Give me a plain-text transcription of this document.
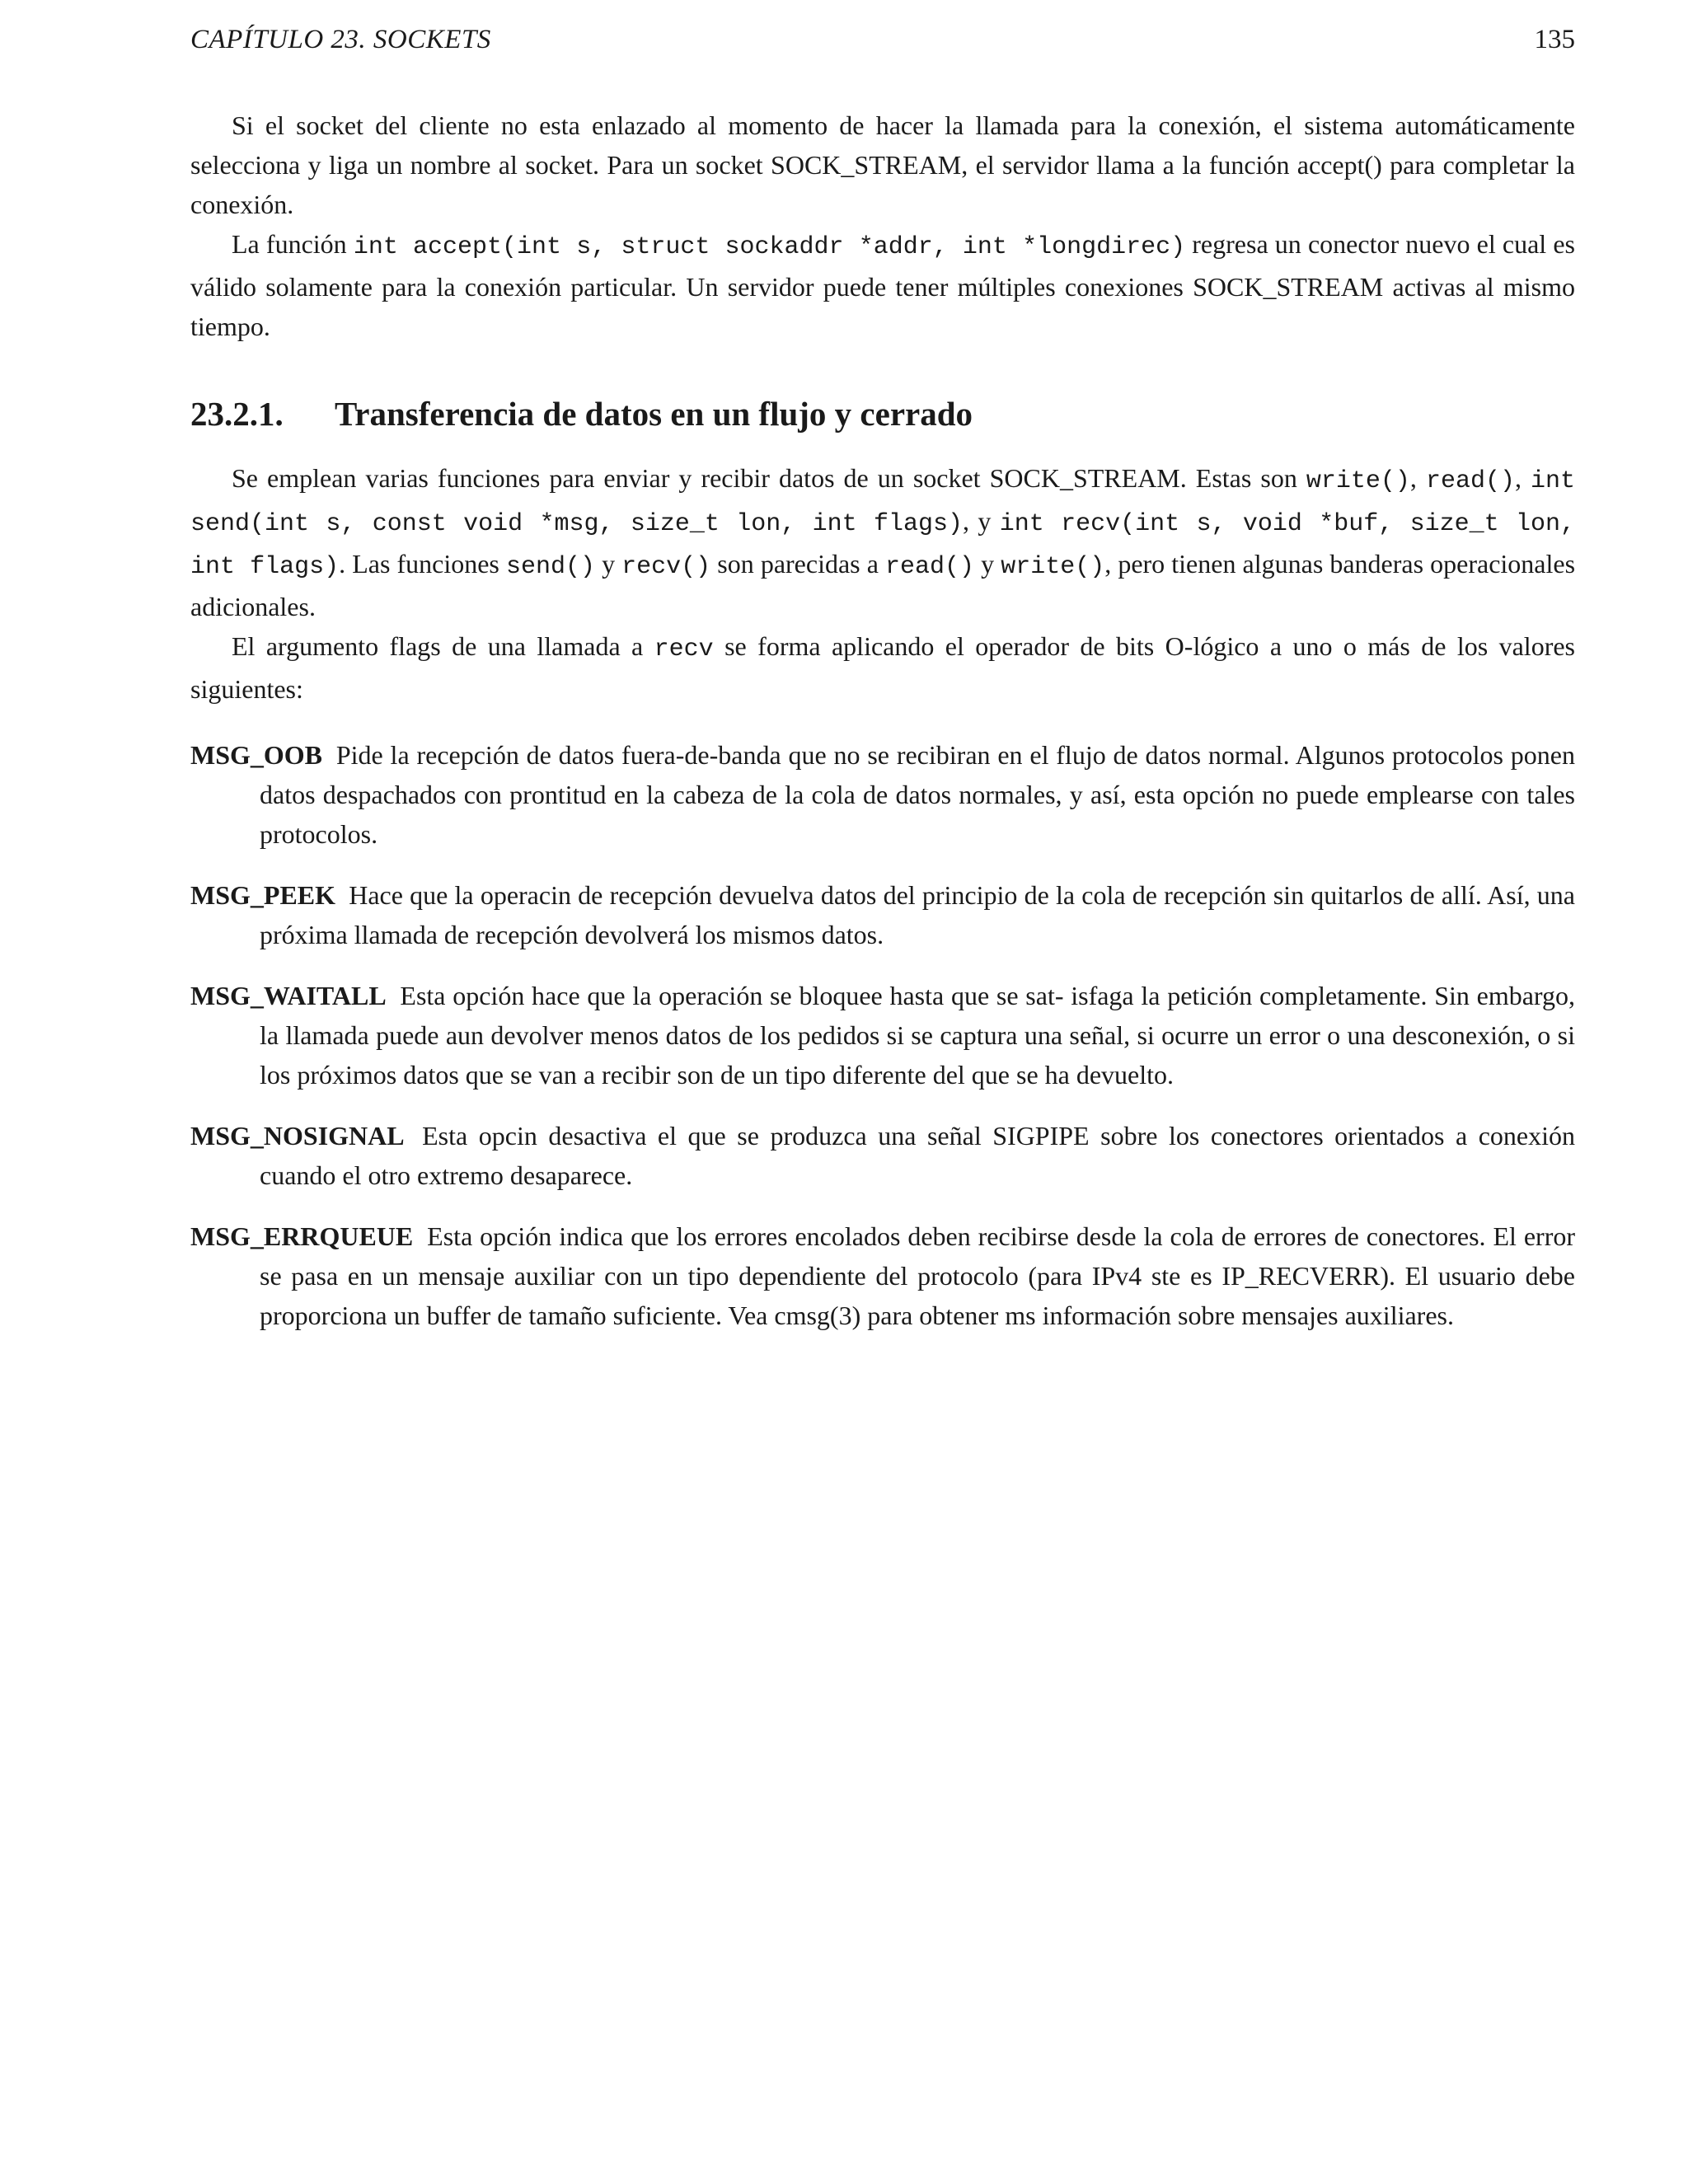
CAPÍTULO 23. SOCKETS	135

Si el socket del cliente no esta enlazado al momento de hacer la llamada para la conexión, el sistema automáticamente selecciona y liga un nombre al socket. Para un socket SOCK_STREAM, el servidor llama a la función accept() para completar la conexión.

La función int accept(int s, struct sockaddr *addr, int *longdirec) regresa un conector nuevo el cual es válido solamente para la conexión particular. Un servidor puede tener múltiples conexiones SOCK_STREAM activas al mismo tiempo.

23.2.1. Transferencia de datos en un flujo y cerrado

Se emplean varias funciones para enviar y recibir datos de un socket SOCK_STREAM. Estas son write(), read(), int send(int s, const void *msg, size_t lon, int flags), y int recv(int s, void *buf, size_t lon, int flags). Las funciones send() y recv() son parecidas a read() y write(), pero tienen algunas banderas operacionales adicionales.

El argumento flags de una llamada a recv se forma aplicando el operador de bits O-lógico a uno o más de los valores siguientes:

MSG_OOB Pide la recepción de datos fuera-de-banda que no se recibiran en el flujo de datos normal. Algunos protocolos ponen datos despachados con prontitud en la cabeza de la cola de datos normales, y así, esta opción no puede emplearse con tales protocolos.

MSG_PEEK Hace que la operacin de recepción devuelva datos del principio de la cola de recepción sin quitarlos de allí. Así, una próxima llamada de recepción devolverá los mismos datos.

MSG_WAITALL Esta opción hace que la operación se bloquee hasta que se sat- isfaga la petición completamente. Sin embargo, la llamada puede aun devolver menos datos de los pedidos si se captura una señal, si ocurre un error o una desconexión, o si los próximos datos que se van a recibir son de un tipo diferente del que se ha devuelto.

MSG_NOSIGNAL Esta opcin desactiva el que se produzca una señal SIGPIPE sobre los conectores orientados a conexión cuando el otro extremo desaparece.

MSG_ERRQUEUE Esta opción indica que los errores encolados deben recibirse desde la cola de errores de conectores. El error se pasa en un mensaje auxiliar con un tipo dependiente del protocolo (para IPv4 ste es IP_RECVERR). El usuario debe proporciona un buffer de tamaño suficiente. Vea cmsg(3) para obtener ms información sobre mensajes auxiliares.
